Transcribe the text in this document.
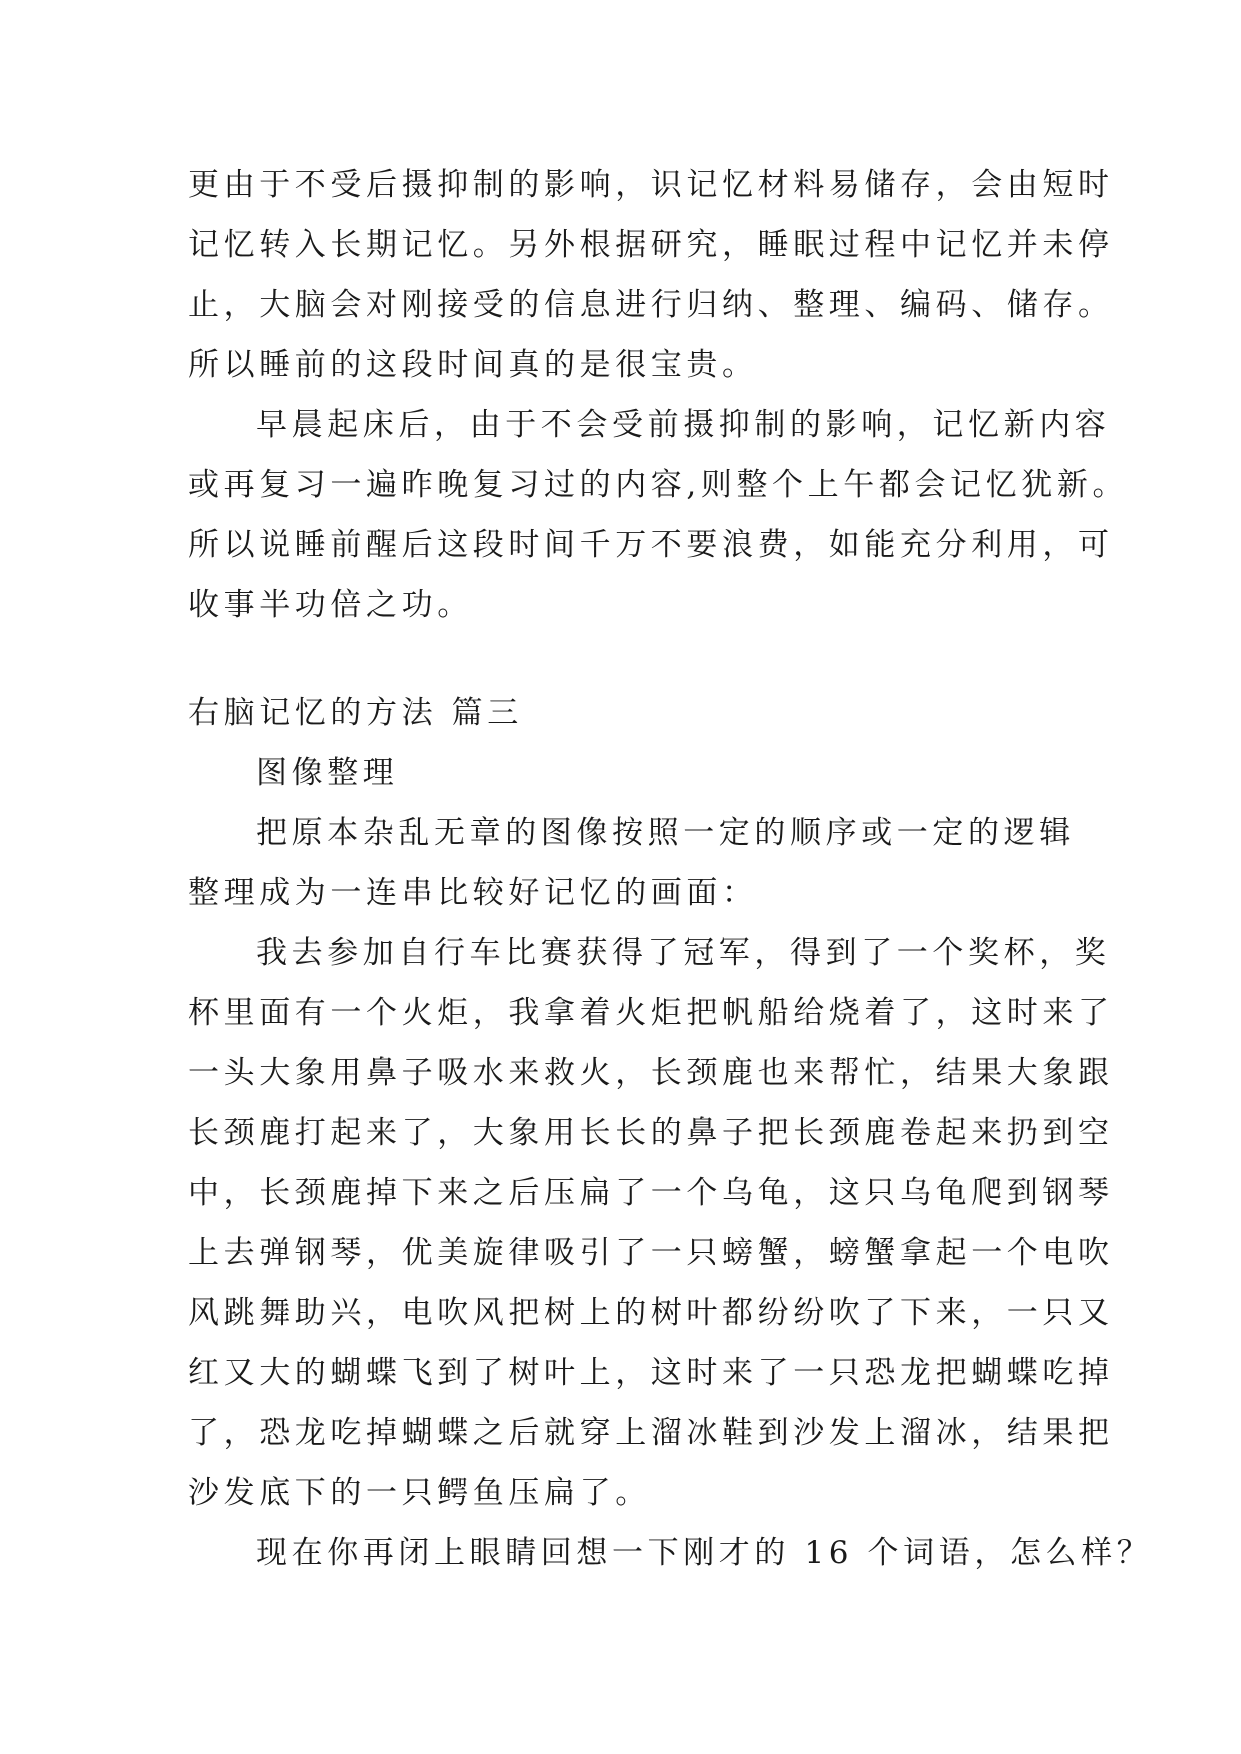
更由于不受后摄抑制的影响，识记忆材料易储存，会由短时
记忆转入长期记忆。另外根据研究，睡眠过程中记忆并未停
止，大脑会对刚接受的信息进行归纳、整理、编码、储存。
所以睡前的这段时间真的是很宝贵。
早晨起床后，由于不会受前摄抑制的影响，记忆新内容
或再复习一遍昨晚复习过的内容,则整个上午都会记忆犹新。
所以说睡前醒后这段时间千万不要浪费，如能充分利用，可
收事半功倍之功。
右脑记忆的方法 篇三
图像整理
把原本杂乱无章的图像按照一定的顺序或一定的逻辑
整理成为一连串比较好记忆的画面：
我去参加自行车比赛获得了冠军，得到了一个奖杯，奖
杯里面有一个火炬，我拿着火炬把帆船给烧着了，这时来了
一头大象用鼻子吸水来救火，长颈鹿也来帮忙，结果大象跟
长颈鹿打起来了，大象用长长的鼻子把长颈鹿卷起来扔到空
中，长颈鹿掉下来之后压扁了一个乌龟，这只乌龟爬到钢琴
上去弹钢琴，优美旋律吸引了一只螃蟹，螃蟹拿起一个电吹
风跳舞助兴，电吹风把树上的树叶都纷纷吹了下来，一只又
红又大的蝴蝶飞到了树叶上，这时来了一只恐龙把蝴蝶吃掉
了，恐龙吃掉蝴蝶之后就穿上溜冰鞋到沙发上溜冰，结果把
沙发底下的一只鳄鱼压扁了。
现在你再闭上眼睛回想一下刚才的 16 个词语，怎么样？
